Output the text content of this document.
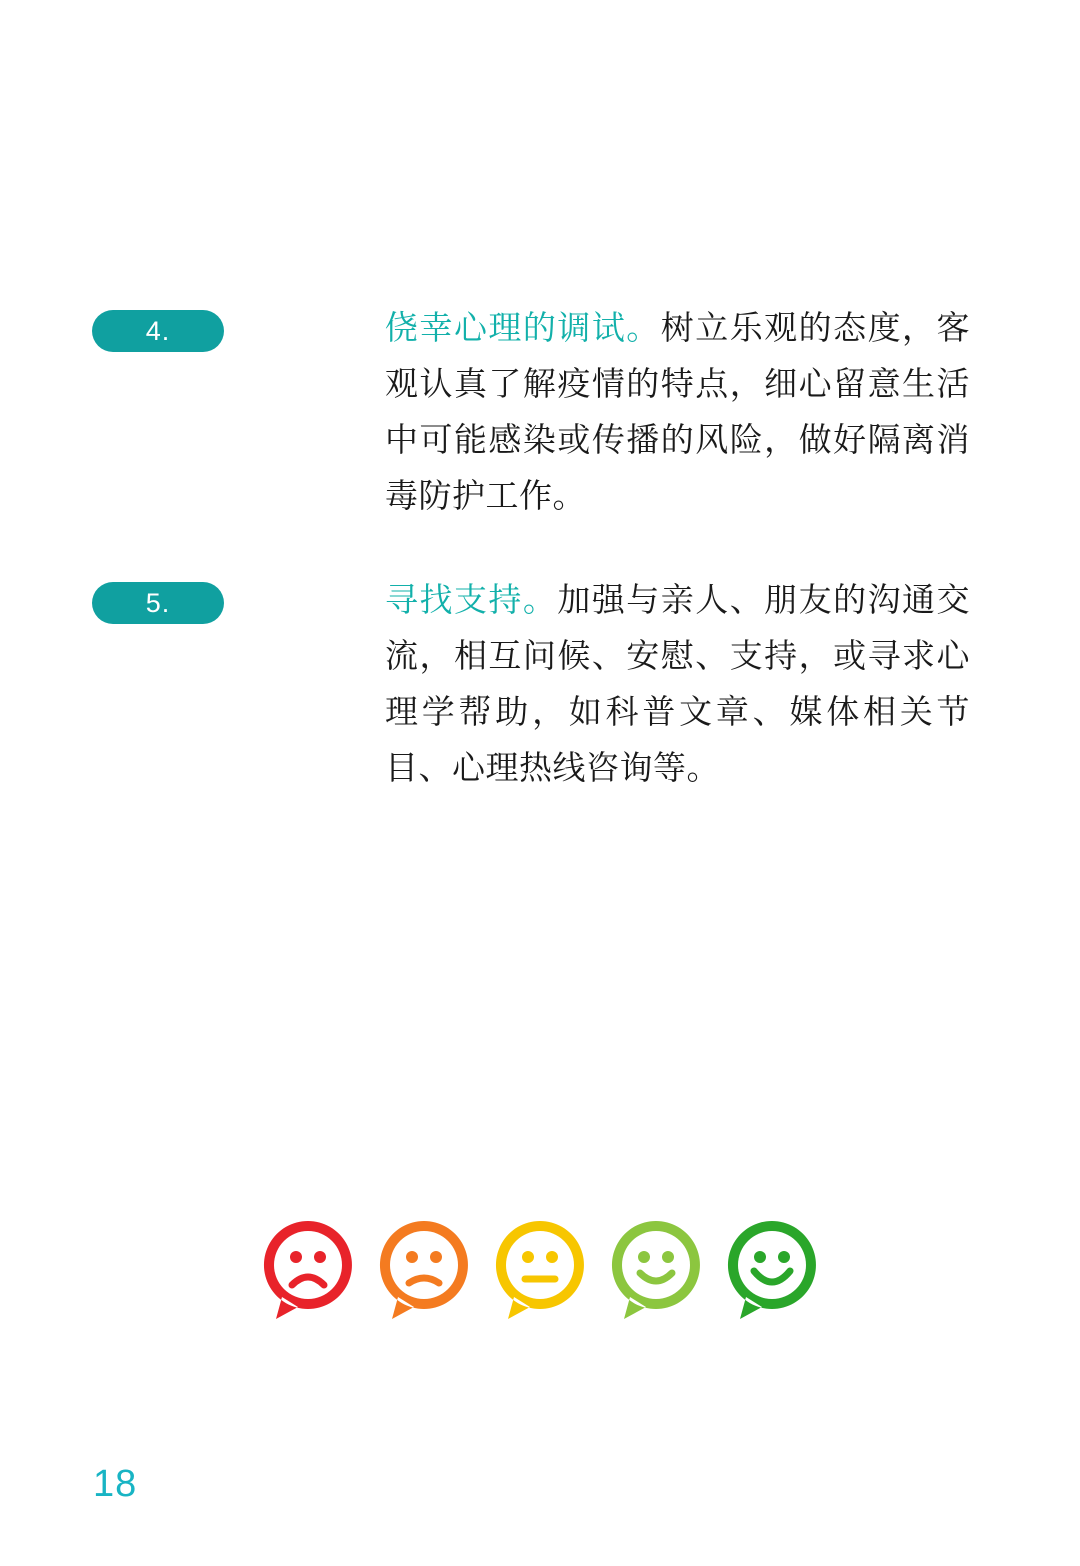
4.	侥幸心理的调试。树立乐观的态度，客观认真了解疫情的特点，细心留意生活中可能感染或传播的风险，做好隔离消毒防护工作。
5.	寻找支持。加强与亲人、朋友的沟通交流，相互问候、安慰、支持，或寻求心理学帮助，如科普文章、媒体相关节目、心理热线咨询等。
18
